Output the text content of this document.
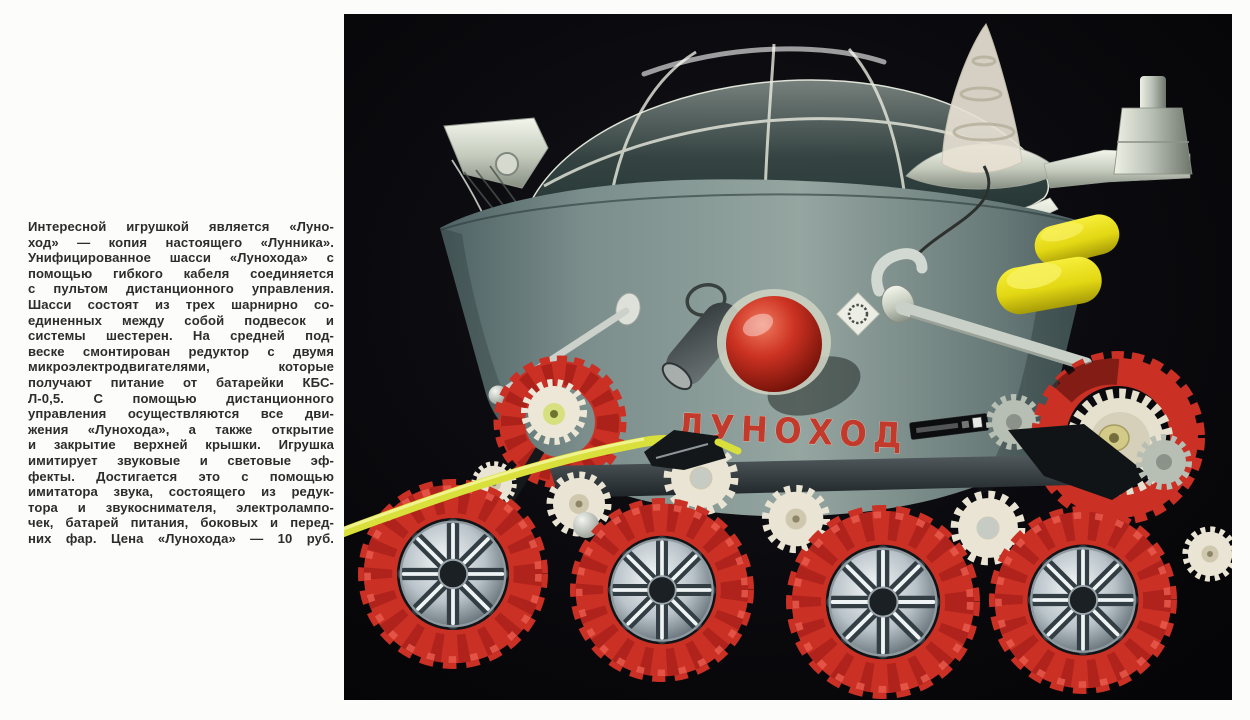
Интересной игрушкой является «Луно-
ход» — копия настоящего «Лунника».
Унифицированное шасси «Лунохода» с
помощью гибкого кабеля соединяется
с пультом дистанционного управления.
Шасси состоят из трех шарнирно со-
единенных между собой подвесок и
системы шестерен. На средней под-
веске смонтирован редуктор с двумя
микроэлектродвигателями, которые
получают питание от батарейки КБС-
Л-0,5. С помощью дистанционного
управления осуществляются все дви-
жения «Лунохода», а также открытие
и закрытие верхней крышки. Игрушка
имитирует звуковые и световые эф-
фекты. Достигается это с помощью
имитатора звука, состоящего из редук-
тора и звукоснимателя, электролампо-
чек, батарей питания, боковых и перед-
них фар. Цена «Лунохода» — 10 руб.
ЛУНОХОД
